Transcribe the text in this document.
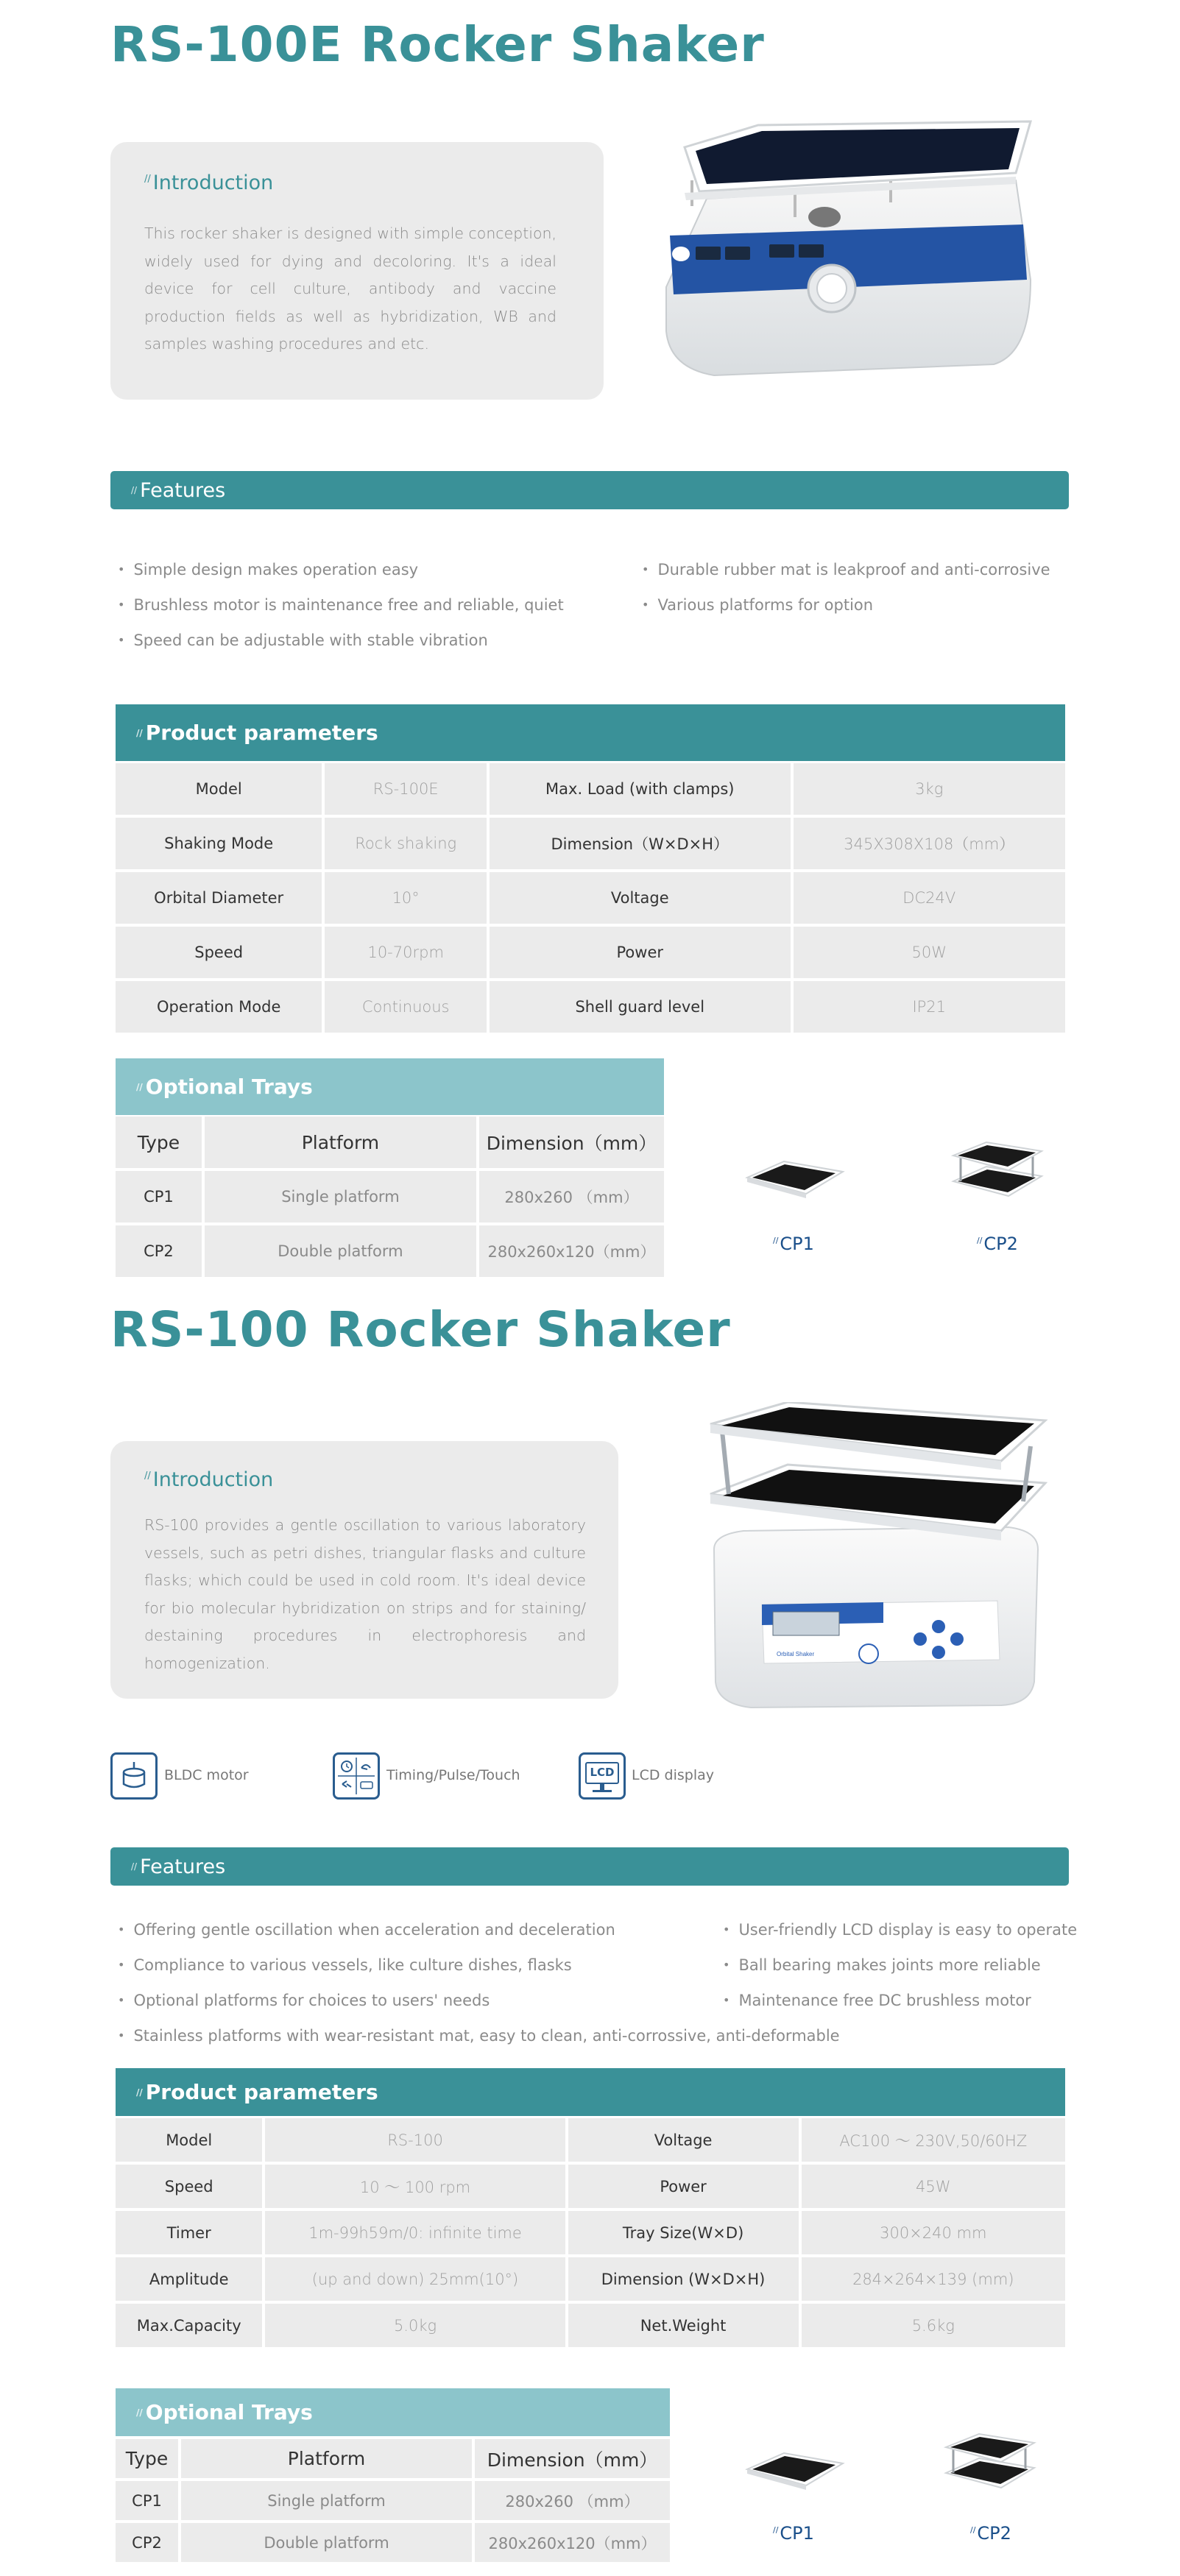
RS-100E Rocker Shaker
// Introduction
This rocker shaker is designed with simple conception, widely used for dying and decoloring. It's a ideal device for cell culture, antibody and vaccine production fields as well as hybridization, WB and samples washing procedures and etc.
// Features
• Simple design makes operation easy
• Brushless motor is maintenance free and reliable, quiet
• Speed can be adjustable with stable vibration
• Durable rubber mat is leakproof and anti-corrosive
• Various platforms for option
// Product parameters
Model	RS-100E	Max. Load (with clamps)	3kg
Shaking Mode	Rock shaking	Dimension（W×D×H）	345X308X108（mm）
Orbital Diameter	10°	Voltage	DC24V
Speed	10-70rpm	Power	50W
Operation Mode	Continuous	Shell guard level	IP21
// Optional Trays
Type	Platform	Dimension（mm）
CP1	Single platform	280x260 （mm）
CP2	Double platform	280x260x120（mm）
//CP1	//CP2
RS-100 Rocker Shaker
// Introduction
RS-100 provides a gentle oscillation to various laboratory vessels, such as petri dishes, triangular flasks and culture flasks; which could be used in cold room. It's ideal device for bio molecular hybridization on strips and for staining/ destaining procedures in electrophoresis and homogenization.	Orbital Shaker
BLDC motor	Timing/Pulse/Touch	LCD	LCD display
// Features
• Offering gentle oscillation when acceleration and deceleration
• Compliance to various vessels, like culture dishes, flasks
• Optional platforms for choices to users' needs
• Stainless platforms with wear-resistant mat, easy to clean, anti-corrossive, anti-deformable
• User-friendly LCD display is easy to operate
• Ball bearing makes joints more reliable
• Maintenance free DC brushless motor
// Product parameters
Model	RS-100	Voltage	AC100 ～ 230V,50/60HZ
Speed	10 ～ 100 rpm	Power	45W
Timer	1m-99h59m/0: infinite time	Tray Size(W×D)	300×240 mm
Amplitude	(up and down) 25mm(10°)	Dimension (W×D×H)	284×264×139 (mm)
Max.Capacity	5.0kg	Net.Weight	5.6kg
// Optional Trays
Type	Platform	Dimension（mm）
CP1	Single platform	280x260 （mm）
CP2	Double platform	280x260x120（mm）
//CP1	//CP2
